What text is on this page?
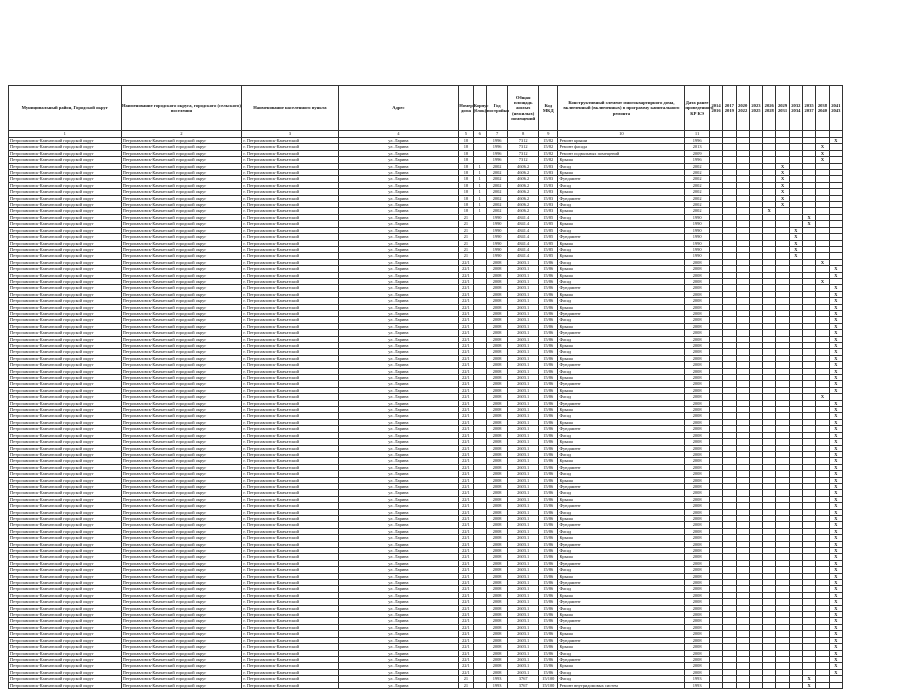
Муниципальный район, Городской округ	Наименование городского округа, городского (сельского) поселения	Наименование населенного пункта	Адрес	Номер дома	Корпус (блок)	Год постройки	Общая площадь жилых (нежилых) помещений	Код МКД	Конструктивный элемент многоквартирного дома, включенный (включенных) в программу капитального ремонта	Дата ранее проведенного КР КЭ	2014 2016	2017 2019	2020 2022	2023 2025	2026 2028	2029 2031	2032 2034	2035 2037	2038 2040	2041 2043
1	2	3	4	5	6	7	8	9	10	11										
Петропавловск-Камчатский городской округ	Петропавловск-Камчатский городской округ	г. Петропавловск-Камчатский	ул. Ларина	18		1996	7312	15/82	Ремонт крыши	1996										X
Петропавловск-Камчатский городской округ	Петропавловск-Камчатский городской округ	г. Петропавловск-Камчатский	ул. Ларина	18		1996	7312	15/82	Ремонт фасада	2013									X	
Петропавловск-Камчатский городской округ	Петропавловск-Камчатский городской округ	г. Петропавловск-Камчатский	ул. Ларина	18		1996	7312	15/82	Ремонт подвальных помещений	2009									X	
Петропавловск-Камчатский городской округ	Петропавловск-Камчатский городской округ	г. Петропавловск-Камчатский	ул. Ларина	18		1996	7312	15/82	Крыша	1996									X	
Петропавловск-Камчатский городской округ	Петропавловск-Камчатский городской округ	г. Петропавловск-Камчатский	ул. Ларина	18	1	2002	4606.2	15/83	Фасад	2002						X				
Петропавловск-Камчатский городской округ	Петропавловск-Камчатский городской округ	г. Петропавловск-Камчатский	ул. Ларина	18	1	2002	4606.2	15/83	Крыша	2002						X				
Петропавловск-Камчатский городской округ	Петропавловск-Камчатский городской округ	г. Петропавловск-Камчатский	ул. Ларина	18	1	2002	4606.2	15/83	Фундамент	2002						X				
Петропавловск-Камчатский городской округ	Петропавловск-Камчатский городской округ	г. Петропавловск-Камчатский	ул. Ларина	18	1	2002	4606.2	15/83	Фасад	2002						X				
Петропавловск-Камчатский городской округ	Петропавловск-Камчатский городской округ	г. Петропавловск-Камчатский	ул. Ларина	18	1	2002	4606.2	15/83	Крыша	2002						X				
Петропавловск-Камчатский городской округ	Петропавловск-Камчатский городской округ	г. Петропавловск-Камчатский	ул. Ларина	18	1	2002	4606.2	15/83	Фундамент	2002						X				
Петропавловск-Камчатский городской округ	Петропавловск-Камчатский городской округ	г. Петропавловск-Камчатский	ул. Ларина	18	1	2002	4606.2	15/83	Фасад	2002						X				
Петропавловск-Камчатский городской округ	Петропавловск-Камчатский городской округ	г. Петропавловск-Камчатский	ул. Ларина	18	1	2002	4606.2	15/83	Крыша	2002					X					
Петропавловск-Камчатский городской округ	Петропавловск-Камчатский городской округ	г. Петропавловск-Камчатский	ул. Ларина	21		1990	4841.4	15/85	Фасад	1990								X		
Петропавловск-Камчатский городской округ	Петропавловск-Камчатский городской округ	г. Петропавловск-Камчатский	ул. Ларина	21		1990	4841.4	15/85	Крыша	1990								X		
Петропавловск-Камчатский городской округ	Петропавловск-Камчатский городской округ	г. Петропавловск-Камчатский	ул. Ларина	21		1990	4841.4	15/85	Фасад	1990							X			
Петропавловск-Камчатский городской округ	Петропавловск-Камчатский городской округ	г. Петропавловск-Камчатский	ул. Ларина	21		1990	4841.4	15/85	Фундамент	1990							X			
Петропавловск-Камчатский городской округ	Петропавловск-Камчатский городской округ	г. Петропавловск-Камчатский	ул. Ларина	21		1990	4841.4	15/85	Крыша	1990							X			
Петропавловск-Камчатский городской округ	Петропавловск-Камчатский городской округ	г. Петропавловск-Камчатский	ул. Ларина	21		1990	4841.4	15/85	Фасад	1990							X			
Петропавловск-Камчатский городской округ	Петропавловск-Камчатский городской округ	г. Петропавловск-Камчатский	ул. Ларина	21		1990	4841.4	15/85	Крыша	1990							X			
Петропавловск-Камчатский городской округ	Петропавловск-Камчатский городской округ	г. Петропавловск-Камчатский	ул. Ларина	22/1		2008	2603.1	15/86	Фасад	2008									X	
Петропавловск-Камчатский городской округ	Петропавловск-Камчатский городской округ	г. Петропавловск-Камчатский	ул. Ларина	22/1		2008	2603.1	15/86	Крыша	2008										X
Петропавловск-Камчатский городской округ	Петропавловск-Камчатский городской округ	г. Петропавловск-Камчатский	ул. Ларина	22/1		2008	2603.1	15/86	Крыша	2008										X
Петропавловск-Камчатский городской округ	Петропавловск-Камчатский городской округ	г. Петропавловск-Камчатский	ул. Ларина	22/1		2008	2603.1	15/86	Фасад	2008									X	
Петропавловск-Камчатский городской округ	Петропавловск-Камчатский городской округ	г. Петропавловск-Камчатский	ул. Ларина	22/1		2008	2603.1	15/86	Фундамент	2008										X
Петропавловск-Камчатский городской округ	Петропавловск-Камчатский городской округ	г. Петропавловск-Камчатский	ул. Ларина	22/1		2008	2603.1	15/86	Крыша	2008										X
Петропавловск-Камчатский городской округ	Петропавловск-Камчатский городской округ	г. Петропавловск-Камчатский	ул. Ларина	22/1		2008	2603.1	15/86	Фасад	2008										X
Петропавловск-Камчатский городской округ	Петропавловск-Камчатский городской округ	г. Петропавловск-Камчатский	ул. Ларина	22/1		2008	2603.1	15/86	Крыша	2008										X
Петропавловск-Камчатский городской округ	Петропавловск-Камчатский городской округ	г. Петропавловск-Камчатский	ул. Ларина	22/1		2008	2603.1	15/86	Фундамент	2008										X
Петропавловск-Камчатский городской округ	Петропавловск-Камчатский городской округ	г. Петропавловск-Камчатский	ул. Ларина	22/1		2008	2603.1	15/86	Фасад	2008										X
Петропавловск-Камчатский городской округ	Петропавловск-Камчатский городской округ	г. Петропавловск-Камчатский	ул. Ларина	22/1		2008	2603.1	15/86	Крыша	2008										X
Петропавловск-Камчатский городской округ	Петропавловск-Камчатский городской округ	г. Петропавловск-Камчатский	ул. Ларина	22/1		2008	2603.1	15/86	Фундамент	2008										X
Петропавловск-Камчатский городской округ	Петропавловск-Камчатский городской округ	г. Петропавловск-Камчатский	ул. Ларина	22/1		2008	2603.1	15/86	Фасад	2008										X
Петропавловск-Камчатский городской округ	Петропавловск-Камчатский городской округ	г. Петропавловск-Камчатский	ул. Ларина	22/1		2008	2603.1	15/86	Крыша	2008										X
Петропавловск-Камчатский городской округ	Петропавловск-Камчатский городской округ	г. Петропавловск-Камчатский	ул. Ларина	22/1		2008	2603.1	15/86	Фасад	2008										X
Петропавловск-Камчатский городской округ	Петропавловск-Камчатский городской округ	г. Петропавловск-Камчатский	ул. Ларина	22/1		2008	2603.1	15/86	Крыша	2008										X
Петропавловск-Камчатский городской округ	Петропавловск-Камчатский городской округ	г. Петропавловск-Камчатский	ул. Ларина	22/1		2008	2603.1	15/86	Фундамент	2008										X
Петропавловск-Камчатский городской округ	Петропавловск-Камчатский городской округ	г. Петропавловск-Камчатский	ул. Ларина	22/1		2008	2603.1	15/86	Фасад	2008										X
Петропавловск-Камчатский городской округ	Петропавловск-Камчатский городской округ	г. Петропавловск-Камчатский	ул. Ларина	22/1		2008	2603.1	15/86	Крыша	2008										X
Петропавловск-Камчатский городской округ	Петропавловск-Камчатский городской округ	г. Петропавловск-Камчатский	ул. Ларина	22/1		2008	2603.1	15/86	Фундамент	2008										X
Петропавловск-Камчатский городской округ	Петропавловск-Камчатский городской округ	г. Петропавловск-Камчатский	ул. Ларина	22/1		2008	2603.1	15/86	Крыша	2008										X
Петропавловск-Камчатский городской округ	Петропавловск-Камчатский городской округ	г. Петропавловск-Камчатский	ул. Ларина	22/1		2008	2603.1	15/86	Фасад	2008									X	
Петропавловск-Камчатский городской округ	Петропавловск-Камчатский городской округ	г. Петропавловск-Камчатский	ул. Ларина	22/1		2008	2603.1	15/86	Фундамент	2008										X
Петропавловск-Камчатский городской округ	Петропавловск-Камчатский городской округ	г. Петропавловск-Камчатский	ул. Ларина	22/1		2008	2603.1	15/86	Крыша	2008										X
Петропавловск-Камчатский городской округ	Петропавловск-Камчатский городской округ	г. Петропавловск-Камчатский	ул. Ларина	22/1		2008	2603.1	15/86	Фасад	2008										X
Петропавловск-Камчатский городской округ	Петропавловск-Камчатский городской округ	г. Петропавловск-Камчатский	ул. Ларина	22/1		2008	2603.1	15/86	Крыша	2008										X
Петропавловск-Камчатский городской округ	Петропавловск-Камчатский городской округ	г. Петропавловск-Камчатский	ул. Ларина	22/1		2008	2603.1	15/86	Фундамент	2008										X
Петропавловск-Камчатский городской округ	Петропавловск-Камчатский городской округ	г. Петропавловск-Камчатский	ул. Ларина	22/1		2008	2603.1	15/86	Фасад	2008										X
Петропавловск-Камчатский городской округ	Петропавловск-Камчатский городской округ	г. Петропавловск-Камчатский	ул. Ларина	22/1		2008	2603.1	15/86	Крыша	2008										X
Петропавловск-Камчатский городской округ	Петропавловск-Камчатский городской округ	г. Петропавловск-Камчатский	ул. Ларина	22/1		2008	2603.1	15/86	Фундамент	2008										X
Петропавловск-Камчатский городской округ	Петропавловск-Камчатский городской округ	г. Петропавловск-Камчатский	ул. Ларина	22/1		2008	2603.1	15/86	Фасад	2008										X
Петропавловск-Камчатский городской округ	Петропавловск-Камчатский городской округ	г. Петропавловск-Камчатский	ул. Ларина	22/1		2008	2603.1	15/86	Крыша	2008										X
Петропавловск-Камчатский городской округ	Петропавловск-Камчатский городской округ	г. Петропавловск-Камчатский	ул. Ларина	22/1		2008	2603.1	15/86	Фундамент	2008										X
Петропавловск-Камчатский городской округ	Петропавловск-Камчатский городской округ	г. Петропавловск-Камчатский	ул. Ларина	22/1		2008	2603.1	15/86	Фасад	2008										X
Петропавловск-Камчатский городской округ	Петропавловск-Камчатский городской округ	г. Петропавловск-Камчатский	ул. Ларина	22/1		2008	2603.1	15/86	Крыша	2008										X
Петропавловск-Камчатский городской округ	Петропавловск-Камчатский городской округ	г. Петропавловск-Камчатский	ул. Ларина	22/1		2008	2603.1	15/86	Фундамент	2008										X
Петропавловск-Камчатский городской округ	Петропавловск-Камчатский городской округ	г. Петропавловск-Камчатский	ул. Ларина	22/1		2008	2603.1	15/86	Фасад	2008										X
Петропавловск-Камчатский городской округ	Петропавловск-Камчатский городской округ	г. Петропавловск-Камчатский	ул. Ларина	22/1		2008	2603.1	15/86	Крыша	2008										X
Петропавловск-Камчатский городской округ	Петропавловск-Камчатский городской округ	г. Петропавловск-Камчатский	ул. Ларина	22/1		2008	2603.1	15/86	Фундамент	2008										X
Петропавловск-Камчатский городской округ	Петропавловск-Камчатский городской округ	г. Петропавловск-Камчатский	ул. Ларина	22/1		2008	2603.1	15/86	Фасад	2008										X
Петропавловск-Камчатский городской округ	Петропавловск-Камчатский городской округ	г. Петропавловск-Камчатский	ул. Ларина	22/1		2008	2603.1	15/86	Крыша	2008										X
Петропавловск-Камчатский городской округ	Петропавловск-Камчатский городской округ	г. Петропавловск-Камчатский	ул. Ларина	22/1		2008	2603.1	15/86	Фундамент	2008										X
Петропавловск-Камчатский городской округ	Петропавловск-Камчатский городской округ	г. Петропавловск-Камчатский	ул. Ларина	22/1		2008	2603.1	15/86	Фасад	2008										X
Петропавловск-Камчатский городской округ	Петропавловск-Камчатский городской округ	г. Петропавловск-Камчатский	ул. Ларина	22/1		2008	2603.1	15/86	Крыша	2008										X
Петропавловск-Камчатский городской округ	Петропавловск-Камчатский городской округ	г. Петропавловск-Камчатский	ул. Ларина	22/1		2008	2603.1	15/86	Фундамент	2008										X
Петропавловск-Камчатский городской округ	Петропавловск-Камчатский городской округ	г. Петропавловск-Камчатский	ул. Ларина	22/1		2008	2603.1	15/86	Фасад	2008										X
Петропавловск-Камчатский городской округ	Петропавловск-Камчатский городской округ	г. Петропавловск-Камчатский	ул. Ларина	22/1		2008	2603.1	15/86	Крыша	2008										X
Петропавловск-Камчатский городской округ	Петропавловск-Камчатский городской округ	г. Петропавловск-Камчатский	ул. Ларина	22/1		2008	2603.1	15/86	Фундамент	2008										X
Петропавловск-Камчатский городской округ	Петропавловск-Камчатский городской округ	г. Петропавловск-Камчатский	ул. Ларина	22/1		2008	2603.1	15/86	Фасад	2008										X
Петропавловск-Камчатский городской округ	Петропавловск-Камчатский городской округ	г. Петропавловск-Камчатский	ул. Ларина	22/1		2008	2603.1	15/86	Крыша	2008										X
Петропавловск-Камчатский городской округ	Петропавловск-Камчатский городской округ	г. Петропавловск-Камчатский	ул. Ларина	22/1		2008	2603.1	15/86	Фундамент	2008										X
Петропавловск-Камчатский городской округ	Петропавловск-Камчатский городской округ	г. Петропавловск-Камчатский	ул. Ларина	22/1		2008	2603.1	15/86	Фасад	2008										X
Петропавловск-Камчатский городской округ	Петропавловск-Камчатский городской округ	г. Петропавловск-Камчатский	ул. Ларина	22/1		2008	2603.1	15/86	Крыша	2008										X
Петропавловск-Камчатский городской округ	Петропавловск-Камчатский городской округ	г. Петропавловск-Камчатский	ул. Ларина	22/1		2008	2603.1	15/86	Фундамент	2008										X
Петропавловск-Камчатский городской округ	Петропавловск-Камчатский городской округ	г. Петропавловск-Камчатский	ул. Ларина	22/1		2008	2603.1	15/86	Фасад	2008										X
Петропавловск-Камчатский городской округ	Петропавловск-Камчатский городской округ	г. Петропавловск-Камчатский	ул. Ларина	22/1		2008	2603.1	15/86	Крыша	2008										X
Петропавловск-Камчатский городской округ	Петропавловск-Камчатский городской округ	г. Петропавловск-Камчатский	ул. Ларина	22/1		2008	2603.1	15/86	Фундамент	2008										X
Петропавловск-Камчатский городской округ	Петропавловск-Камчатский городской округ	г. Петропавловск-Камчатский	ул. Ларина	22/1		2008	2603.1	15/86	Фасад	2008										X
Петропавловск-Камчатский городской округ	Петропавловск-Камчатский городской округ	г. Петропавловск-Камчатский	ул. Ларина	22/1		2008	2603.1	15/86	Крыша	2008										X
Петропавловск-Камчатский городской округ	Петропавловск-Камчатский городской округ	г. Петропавловск-Камчатский	ул. Ларина	22/1		2008	2603.1	15/86	Фундамент	2008										X
Петропавловск-Камчатский городской округ	Петропавловск-Камчатский городской округ	г. Петропавловск-Камчатский	ул. Ларина	22/1		2008	2603.1	15/86	Крыша	2008										X
Петропавловск-Камчатский городской округ	Петропавловск-Камчатский городской округ	г. Петропавловск-Камчатский	ул. Ларина	22/1		2008	2603.1	15/86	Фасад	2008										X
Петропавловск-Камчатский городской округ	Петропавловск-Камчатский городской округ	г. Петропавловск-Камчатский	ул. Ларина	22/1		2008	2603.1	15/86	Фундамент	2008										X
Петропавловск-Камчатский городской округ	Петропавловск-Камчатский городской округ	г. Петропавловск-Камчатский	ул. Ларина	22/1		2008	2603.1	15/86	Крыша	2008										X
Петропавловск-Камчатский городской округ	Петропавловск-Камчатский городской округ	г. Петропавловск-Камчатский	ул. Ларина	22/1		2008	2603.1	15/86	Фасад	2008										X
Петропавловск-Камчатский городской округ	Петропавловск-Камчатский городской округ	г. Петропавловск-Камчатский	ул. Ларина	21		1993	3767	15/100	Фасад	1993								X		
Петропавловск-Камчатский городской округ	Петропавловск-Камчатский городской округ	г. Петропавловск-Камчатский	ул. Ларина	21		1993	3767	15/100	Ремонт внутридомовых систем	1993								X		
